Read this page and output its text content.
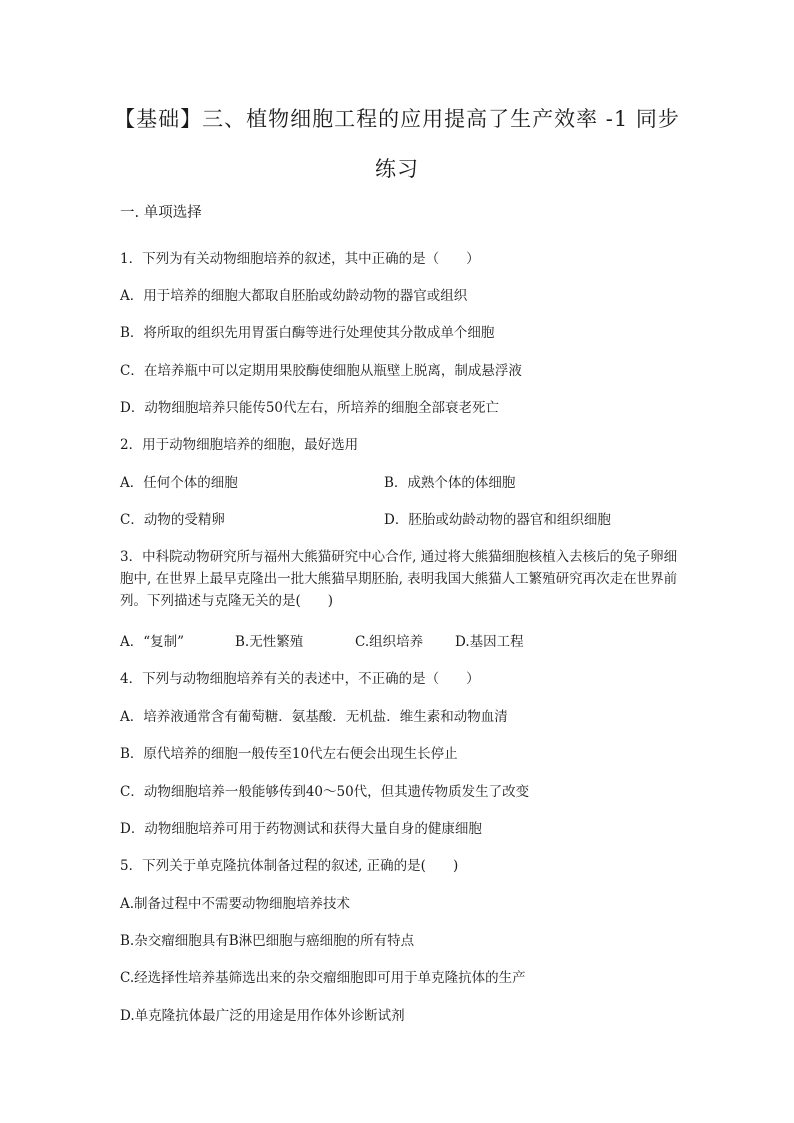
【基础】三、植物细胞工程的应用提高了生产效率 -1 同步
练习
一. 单项选择
1．下列为有关动物细胞培养的叙述，其中正确的是（　　）
A．用于培养的细胞大都取自胚胎或幼龄动物的器官或组织
B．将所取的组织先用胃蛋白酶等进行处理使其分散成单个细胞
C．在培养瓶中可以定期用果胶酶使细胞从瓶壁上脱离，制成悬浮液
D．动物细胞培养只能传50代左右，所培养的细胞全部衰老死亡
2．用于动物细胞培养的细胞，最好选用
A．任何个体的细胞	B．成熟个体的体细胞
C．动物的受精卵	D．胚胎或幼龄动物的器官和组织细胞
3．中科院动物研究所与福州大熊猫研究中心合作, 通过将大熊猫细胞核植入去核后的兔子卵细胞中, 在世界上最早克隆出一批大熊猫早期胚胎, 表明我国大熊猫人工繁殖研究再次走在世界前列。下列描述与克隆无关的是(　　)
A．“复制”	B.无性繁殖	C.组织培养 D.基因工程
4．下列与动物细胞培养有关的表述中，不正确的是（　　）
A．培养液通常含有葡萄糖．氨基酸．无机盐．维生素和动物血清
B．原代培养的细胞一般传至10代左右便会出现生长停止
C．动物细胞培养一般能够传到40～50代，但其遗传物质发生了改变
D．动物细胞培养可用于药物测试和获得大量自身的健康细胞
5．下列关于单克隆抗体制备过程的叙述, 正确的是(　　)
A.制备过程中不需要动物细胞培养技术
B.杂交瘤细胞具有B淋巴细胞与癌细胞的所有特点
C.经选择性培养基筛选出来的杂交瘤细胞即可用于单克隆抗体的生产
D.单克隆抗体最广泛的用途是用作体外诊断试剂
